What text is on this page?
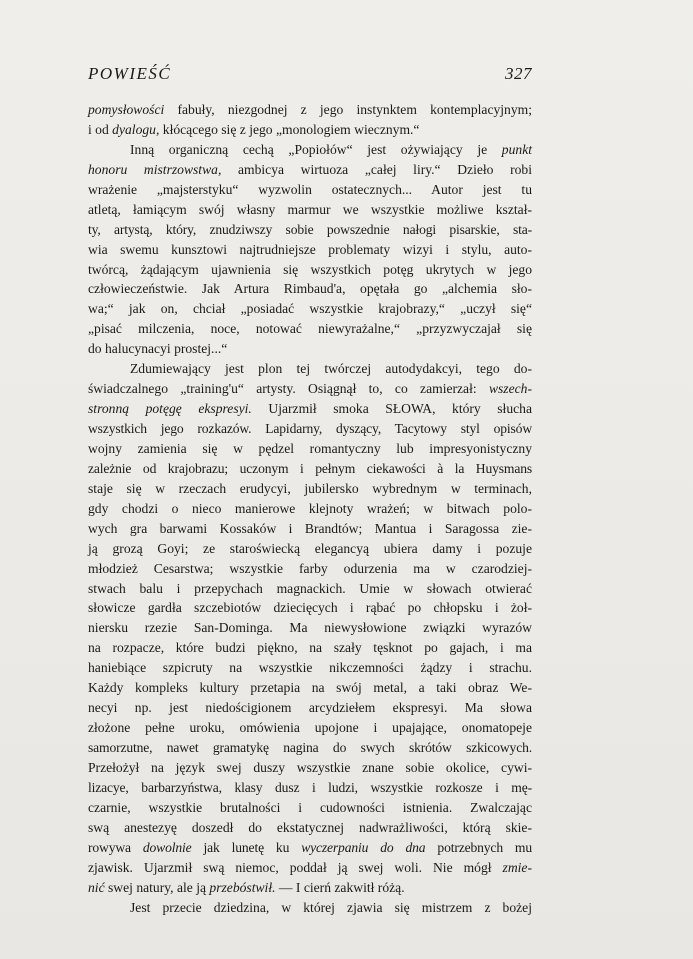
POWIEŚĆ	327
pomysłowości fabuły, niezgodnej z jego instynktem kontemplacyjnym;
i od dyalogu, kłócącego się z jego „monologiem wiecznym.“
Inną organiczną cechą „Popiołów“ jest ożywiający je punkt
honoru mistrzowstwa, ambicya wirtuoza „całej liry.“ Dzieło robi
wrażenie „majsterstyku“ wyzwolin ostatecznych... Autor jest tu
atletą, łamiącym swój własny marmur we wszystkie możliwe kształ-
ty, artystą, który, znudziwszy sobie powszednie nałogi pisarskie, sta-
wia swemu kunsztowi najtrudniejsze problematy wizyi i stylu, auto-
twórcą, żądającym ujawnienia się wszystkich potęg ukrytych w jego
człowieczeństwie. Jak Artura Rimbaud'a, opętała go „alchemia sło-
wa;“ jak on, chciał „posiadać wszystkie krajobrazy,“ „uczył się“
„pisać milczenia, noce, notować niewyrażalne,“ „przyzwyczajał się
do halucynacyi prostej...“
Zdumiewający jest plon tej twórczej autodydakcyi, tego do-
świadczalnego „training'u“ artysty. Osiągnął to, co zamierzał: wszech-
stronną potęgę ekspresyi. Ujarzmił smoka SŁOWA, który słucha
wszystkich jego rozkazów. Lapidarny, dyszący, Tacytowy styl opisów
wojny zamienia się w pędzel romantyczny lub impresyonistyczny
zależnie od krajobrazu; uczonym i pełnym ciekawości à la Huysmans
staje się w rzeczach erudycyi, jubilersko wybrednym w terminach,
gdy chodzi o nieco manierowe klejnoty wrażeń; w bitwach polo-
wych gra barwami Kossaków i Brandtów; Mantua i Saragossa zie-
ją grozą Goyi; ze staroświecką elegancyą ubiera damy i pozuje
młodzież Cesarstwa; wszystkie farby odurzenia ma w czarodziej-
stwach balu i przepychach magnackich. Umie w słowach otwierać
słowicze gardła szczebiotów dziecięcych i rąbać po chłopsku i żoł-
niersku rzezie San-Dominga. Ma niewysłowione związki wyrazów
na rozpacze, które budzi piękno, na szały tęsknot po gajach, i ma
haniebiące szpicruty na wszystkie nikczemności żądzy i strachu.
Każdy kompleks kultury przetapia na swój metal, a taki obraz We-
necyi np. jest niedościgionem arcydziełem ekspresyi. Ma słowa
złożone pełne uroku, omówienia upojone i upajające, onomatopeje
samorzutne, nawet gramatykę nagina do swych skrótów szkicowych.
Przełożył na język swej duszy wszystkie znane sobie okolice, cywi-
lizacye, barbarzyństwa, klasy dusz i ludzi, wszystkie rozkosze i mę-
czarnie, wszystkie brutalności i cudowności istnienia. Zwalczając
swą anestezyę doszedł do ekstatycznej nadwrażliwości, którą skie-
rowywa dowolnie jak lunetę ku wyczerpaniu do dna potrzebnych mu
zjawisk. Ujarzmił swą niemoc, poddał ją swej woli. Nie mógł zmie-
nić swej natury, ale ją przebóstwił. — I cierń zakwitł różą.
Jest przecie dziedzina, w której zjawia się mistrzem z bożej
